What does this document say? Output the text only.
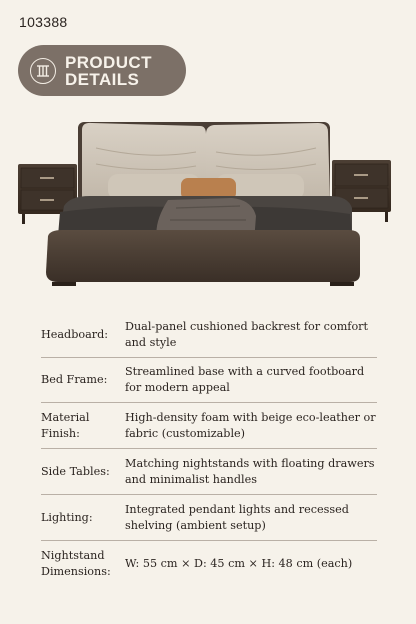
103388
PRODUCT
DETAILS
Headboard:
Dual-panel cushioned backrest for comfort and style
Bed Frame:
Streamlined base with a curved footboard for modern appeal
Material Finish:
High-density foam with beige eco-leather or fabric (customizable)
Side Tables:
Matching nightstands with floating drawers and minimalist handles
Lighting:
Integrated pendant lights and recessed shelving (ambient setup)
Nightstand Dimensions:
W: 55 cm × D: 45 cm × H: 48 cm (each)
